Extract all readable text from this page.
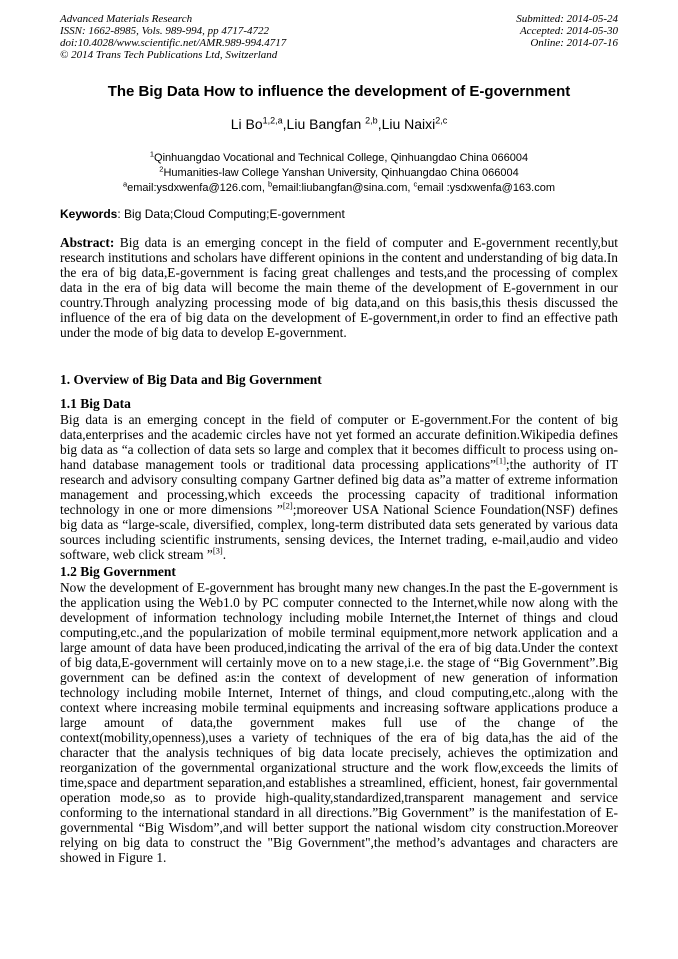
Advanced Materials Research
ISSN: 1662-8985, Vols. 989-994, pp 4717-4722
doi:10.4028/www.scientific.net/AMR.989-994.4717
© 2014 Trans Tech Publications Ltd, Switzerland
Submitted: 2014-05-24
Accepted: 2014-05-30
Online: 2014-07-16
The Big Data How to influence the development of E-government
Li Bo$^{1,2,a}$,Liu Bangfan $^{2,b}$,Liu Naixi$^{2,c}$
$^1$Qinhuangdao Vocational and Technical College, Qinhuangdao China 066004
$^2$Humanities-law College Yanshan University, Qinhuangdao China 066004
$^a$email:ysdxwenfa@126.com, $^b$email:liubangfan@sina.com, $^c$email :ysdxwenfa@163.com
Keywords: Big Data;Cloud Computing;E-government

Abstract: Big data is an emerging concept in the field of computer and E-government recently,but research institutions and scholars have different opinions in the content and understanding of big data.In the era of big data,E-government is facing great challenges and tests,and the processing of complex data in the era of big data will become the main theme of the development of E-government in our country.Through analyzing processing mode of big data,and on this basis,this thesis discussed the influence of the era of big data on the development of E-government,in order to find an effective path under the mode of big data to develop E-government.

1. Overview of Big Data and Big Government
1.1 Big Data

Big data is an emerging concept in the field of computer or E-government.For the content of big data,enterprises and the academic circles have not yet formed an accurate definition.Wikipedia defines big data as “a collection of data sets so large and complex that it becomes difficult to process using on-hand database management tools or traditional data processing applications”[1];the authority of IT research and advisory consulting company Gartner defined big data as”a matter of extreme information management and processing,which exceeds the processing capacity of traditional information technology in one or more dimensions ”[2];moreover USA National Science Foundation(NSF) defines big data as “large-scale, diversified, complex, long-term distributed data sets generated by various data sources including scientific instruments, sensing devices, the Internet trading, e-mail,audio and video software, web click stream ”[3].

1.2 Big Government

Now the development of E-government has brought many new changes.In the past the E-government is the application using the Web1.0 by PC computer connected to the Internet,while now along with the development of information technology including mobile Internet,the Internet of things and cloud computing,etc.,and the popularization of mobile terminal equipment,more network application and a large amount of data have been produced,indicating the arrival of the era of big data.Under the context of big data,E-government will certainly move on to a new stage,i.e. the stage of “Big Government”.Big government can be defined as:in the context of development of new generation of information technology including mobile Internet, Internet of things, and cloud computing,etc.,along with the context where increasing mobile terminal equipments and increasing software applications produce a large amount of data,the government makes full use of the change of the context(mobility,openness),uses a variety of techniques of the era of big data,has the aid of the character that the analysis techniques of big data locate precisely, achieves the optimization and reorganization of the governmental organizational structure and the work flow,exceeds the limits of time,space and department separation,and establishes a streamlined, efficient, honest, fair governmental operation mode,so as to provide high-quality,standardized,transparent management and service conforming to the international standard in all directions.”Big Government” is the manifestation of E-governmental “Big Wisdom”,and will better support the national wisdom city construction.Moreover relying on big data to construct the "Big Government",the method’s advantages and characters are showed in Figure 1.
